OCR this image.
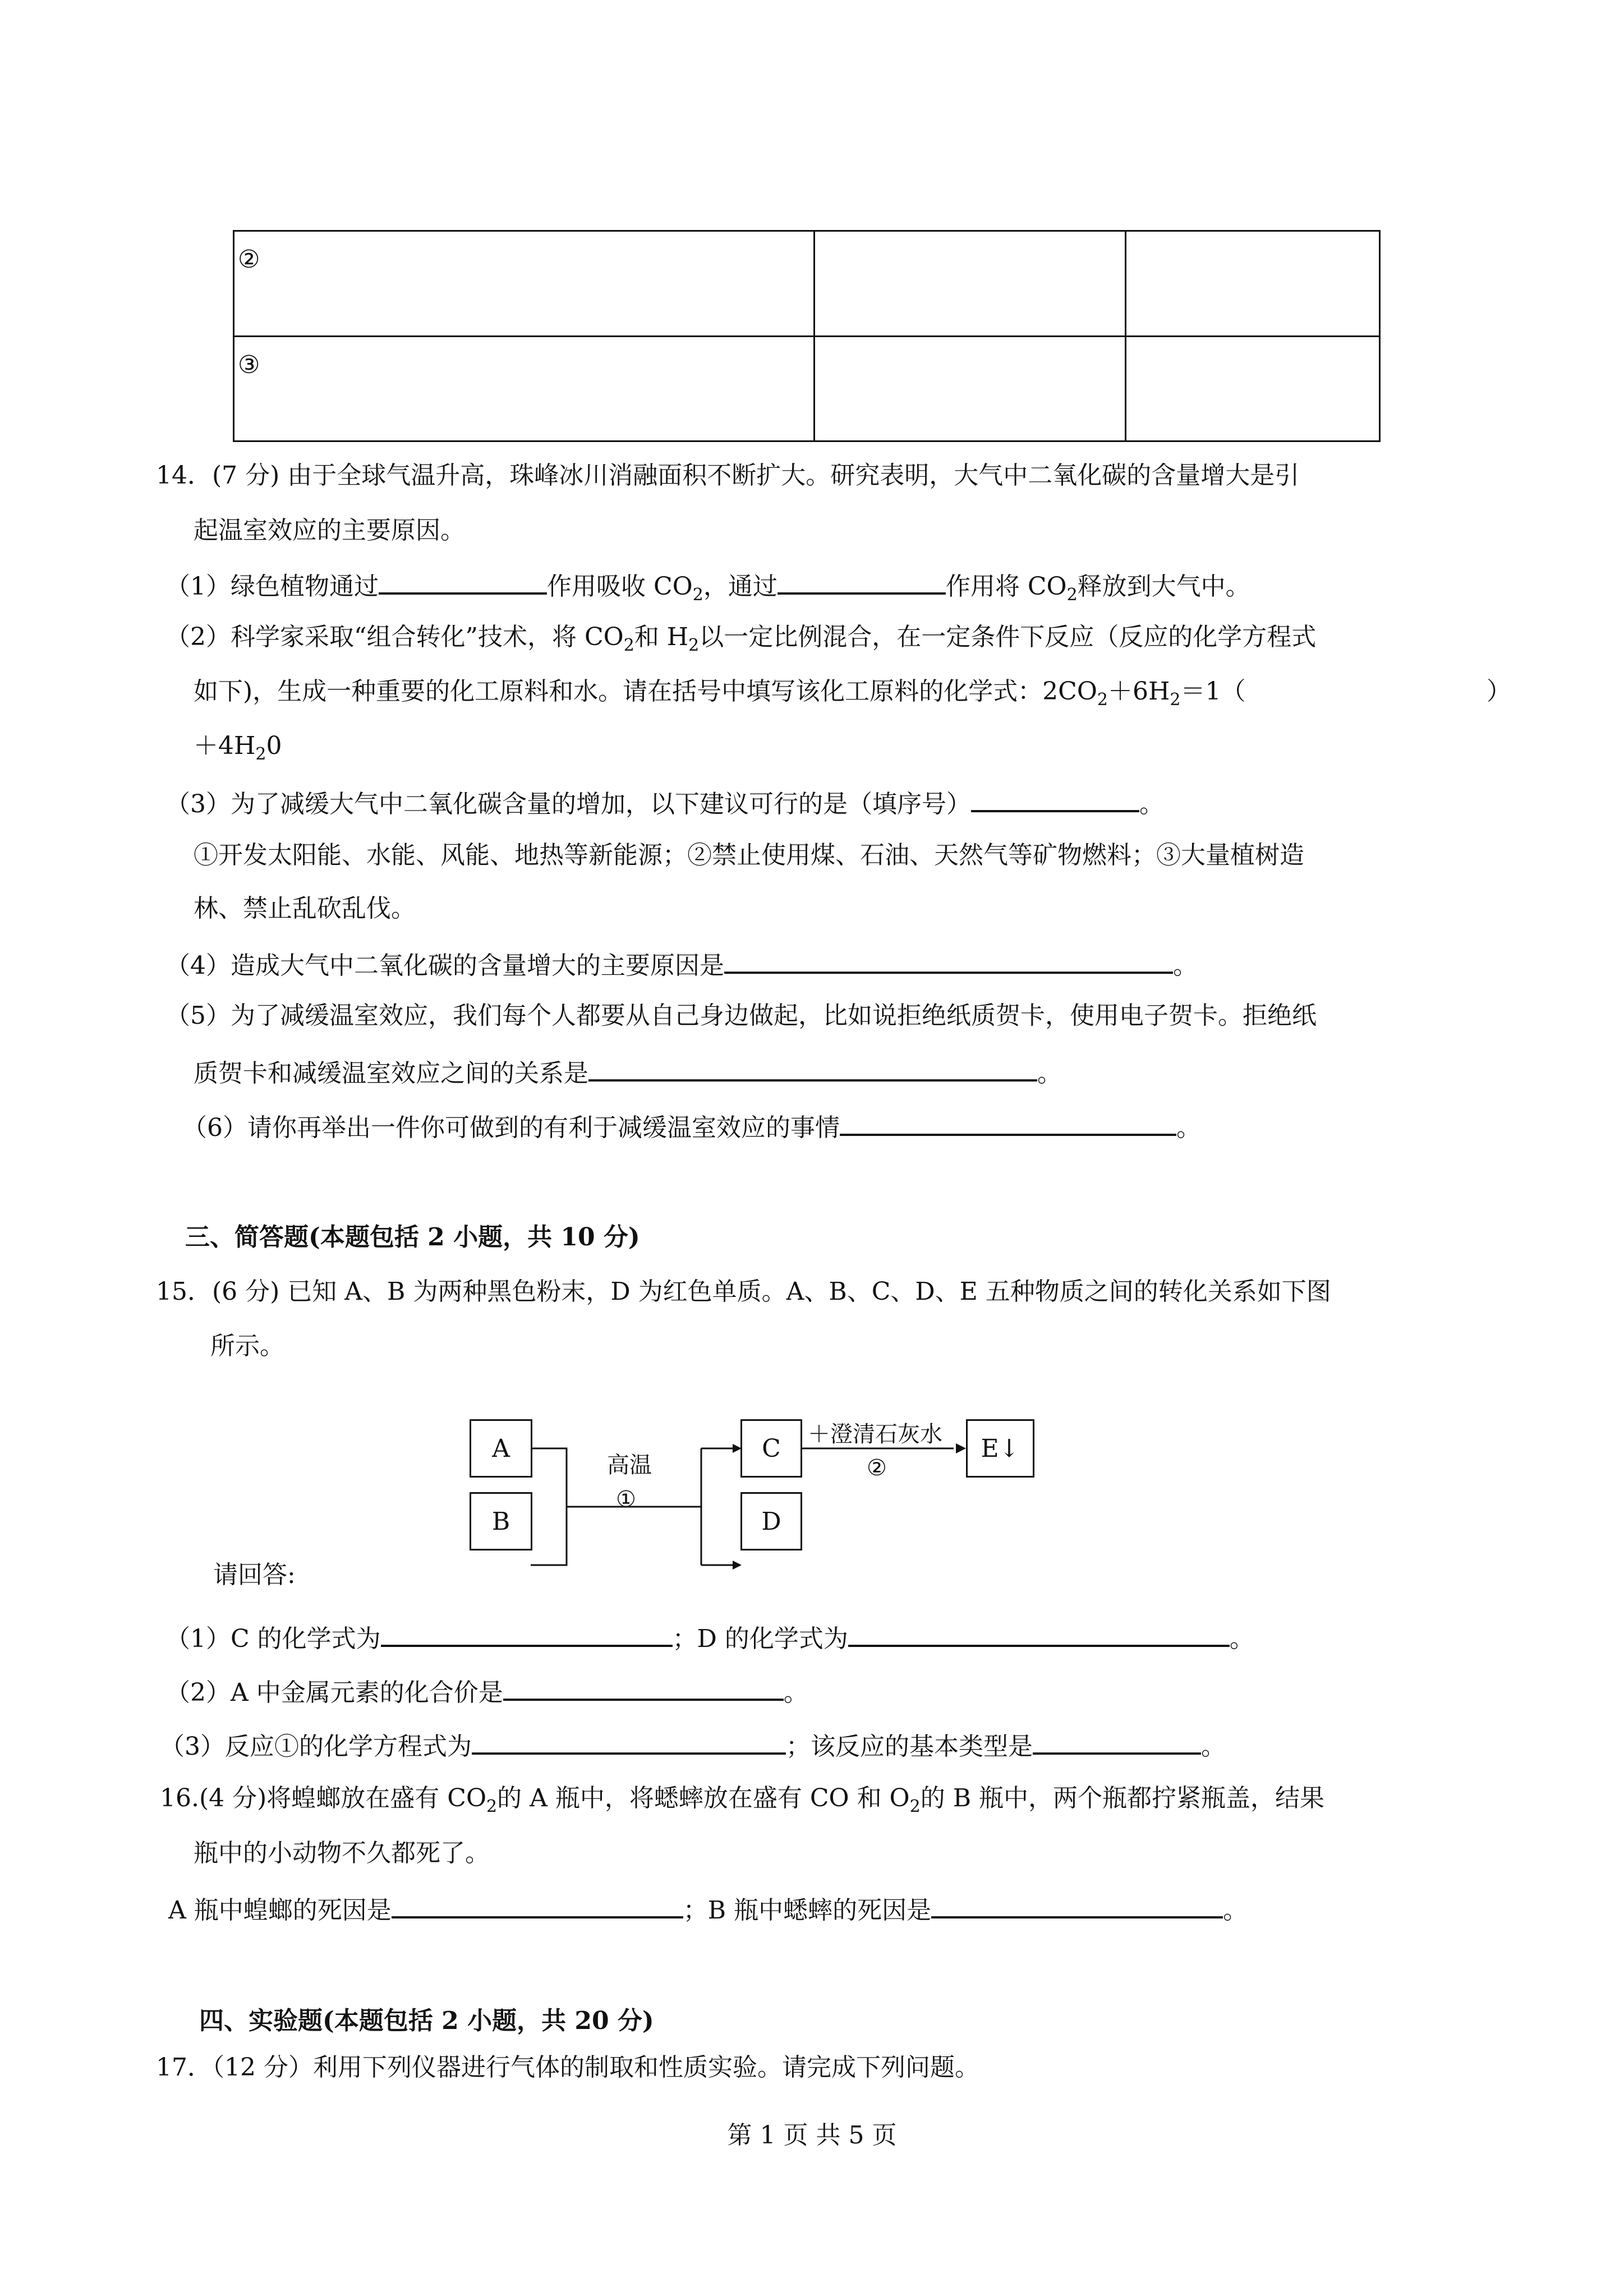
②		
③		
14．(7 分) 由于全球气温升高，珠峰冰川消融面积不断扩大。研究表明，大气中二氧化碳的含量增大是引
起温室效应的主要原因。
（1）绿色植物通过	作用吸收 $CO_2$，通过	作用将 $CO_2$释放到大气中。
（2）科学家采取“组合转化”技术，将 $CO_2$和 $H_2$以一定比例混合，在一定条件下反应（反应的化学方程式
如下)，生成一种重要的化工原料和水。请在括号中填写该化工原料的化学式：$2CO_2+6H_2=1$（	）
$+4H_20$
（3）为了减缓大气中二氧化碳含量的增加，以下建议可行的是（填序号）	。
①开发太阳能、水能、风能、地热等新能源；②禁止使用煤、石油、天然气等矿物燃料；③大量植树造
林、禁止乱砍乱伐。
（4）造成大气中二氧化碳的含量增大的主要原因是	。
（5）为了减缓温室效应，我们每个人都要从自己身边做起，比如说拒绝纸质贺卡，使用电子贺卡。拒绝纸
质贺卡和减缓温室效应之间的关系是	。
（6）请你再举出一件你可做到的有利于减缓温室效应的事情	。
三、简答题(本题包括 2 小题，共 10 分)
15．(6 分) 已知 A、B 为两种黑色粉末，D 为红色单质。A、B、C、D、E 五种物质之间的转化关系如下图
所示。
A
B
C
D
E↓
高温
①
＋澄清石灰水
②
请回答:
（1）C 的化学式为	；D 的化学式为	。
（2）A 中金属元素的化合价是	。
（3）反应①的化学方程式为	；该反应的基本类型是	。
16.(4 分)将蝗螂放在盛有 $CO_2$的 A 瓶中，将蟋蟀放在盛有 CO 和 $O_2$的 B 瓶中，两个瓶都拧紧瓶盖，结果
瓶中的小动物不久都死了。
A 瓶中蝗螂的死因是	；B 瓶中蟋蟀的死因是	。
四、实验题(本题包括 2 小题，共 20 分)
17．（12 分）利用下列仪器进行气体的制取和性质实验。请完成下列问题。
第 1 页 共 5 页
